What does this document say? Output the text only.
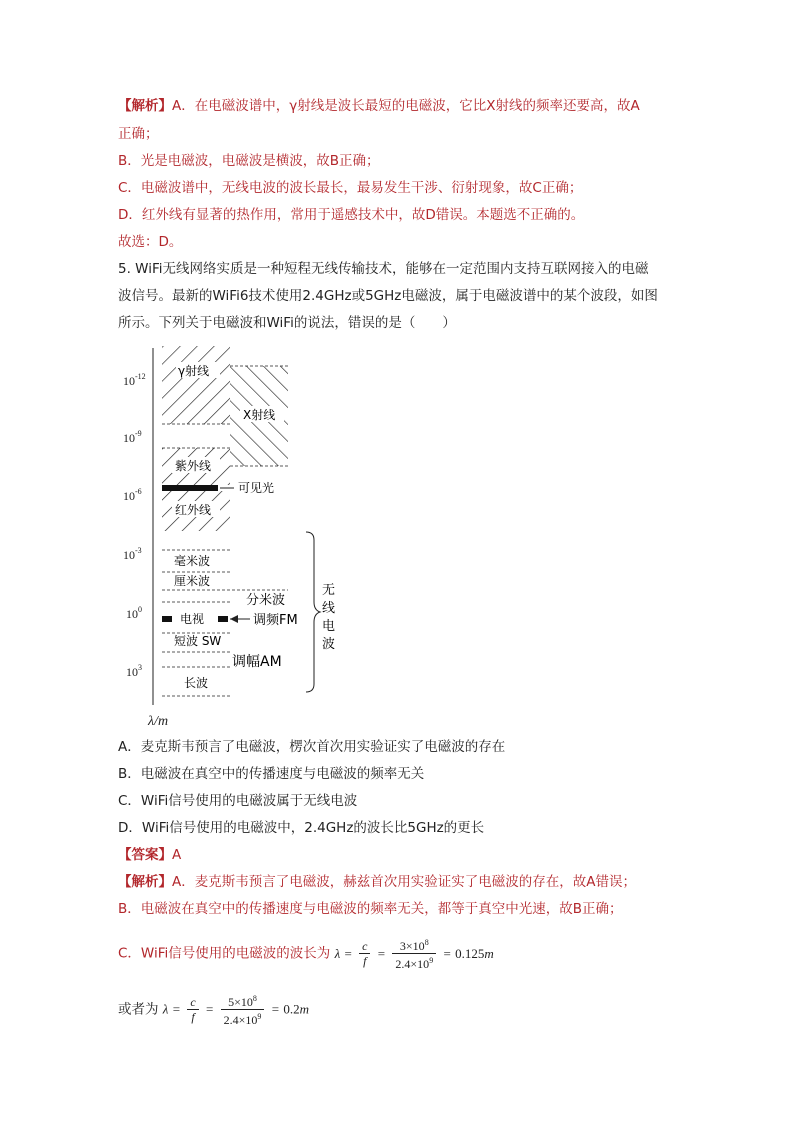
【解析】A．在电磁波谱中，γ射线是波长最短的电磁波，它比X射线的频率还要高，故A
正确；
B．光是电磁波，电磁波是横波，故B正确；
C．电磁波谱中，无线电波的波长最长，最易发生干涉、衍射现象，故C正确；
D．红外线有显著的热作用，常用于遥感技术中，故D错误。本题选不正确的。
故选：D。
5. WiFi无线网络实质是一种短程无线传输技术，能够在一定范围内支持互联网接入的电磁
波信号。最新的WiFi6技术使用2.4GHz或5GHz电磁波，属于电磁波谱中的某个波段，如图
所示。下列关于电磁波和WiFi的说法，错误的是（　　）
$10^{-12}$
$10^{-9}$
$10^{-6}$
$10^{-3}$
$10^0$
$10^3$
λ/m
γ射线
X射线
紫外线
可见光
红外线
毫米波
厘米波
分米波
电视	调频FM
短波 SW
调幅AM
长波
无
线
电
波
A．麦克斯韦预言了电磁波，楞次首次用实验证实了电磁波的存在
B．电磁波在真空中的传播速度与电磁波的频率无关
C．WiFi信号使用的电磁波属于无线电波
D．WiFi信号使用的电磁波中，2.4GHz的波长比5GHz的更长
【答案】A
【解析】A．麦克斯韦预言了电磁波，赫兹首次用实验证实了电磁波的存在，故A错误；
B．电磁波在真空中的传播速度与电磁波的频率无关，都等于真空中光速，故B正确；
C．WiFi信号使用的电磁波的波长为 $\lambda = \frac{c}{f} = \frac{3\times 10^8}{2.4\times 10^9} = 0.125m$
或者为 $\lambda = \frac{c}{f} = \frac{5\times 10^8}{2.4\times 10^9} = 0.2m$
